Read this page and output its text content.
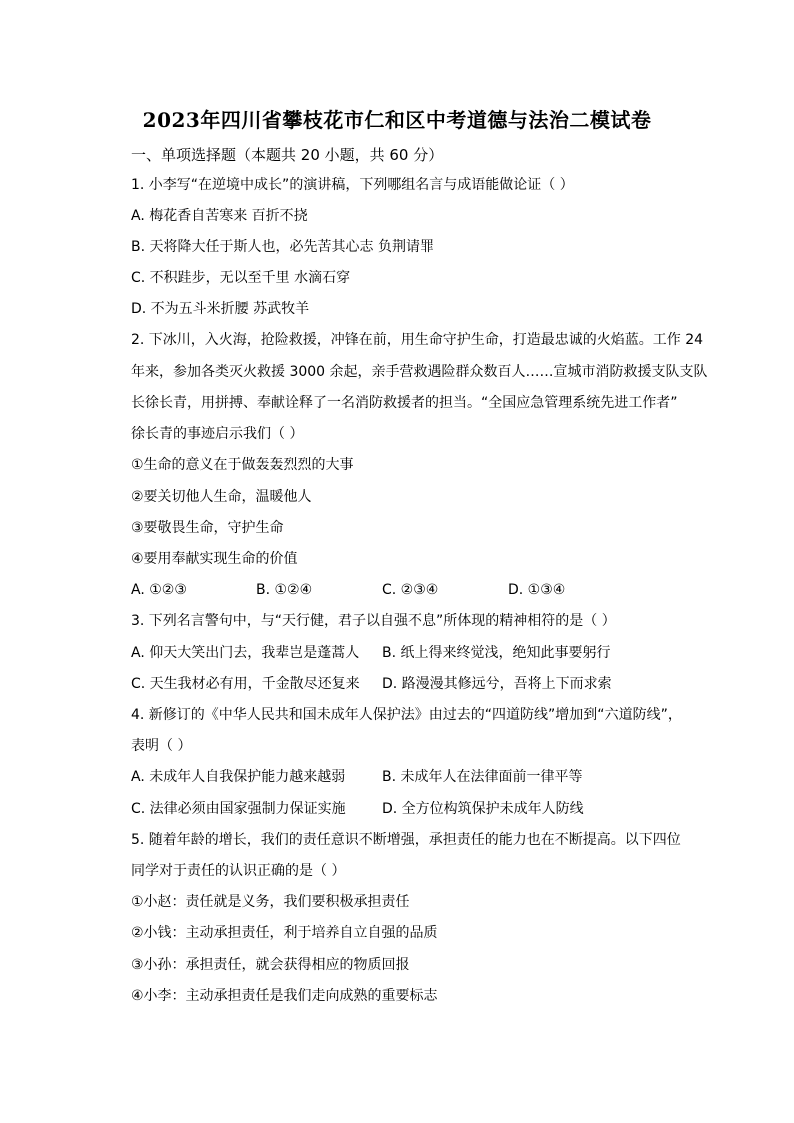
2023年四川省攀枝花市仁和区中考道德与法治二模试卷
一、单项选择题（本题共 20 小题，共 60 分）
1. 小李写“在逆境中成长”的演讲稿，下列哪组名言与成语能做论证（ ）
A. 梅花香自苦寒来 百折不挠
B. 天将降大任于斯人也，必先苦其心志 负荆请罪
C. 不积跬步，无以至千里 水滴石穿
D. 不为五斗米折腰 苏武牧羊
2. 下冰川，入火海，抢险救援，冲锋在前，用生命守护生命，打造最忠诚的火焰蓝。工作 24
年来，参加各类灭火救援 3000 余起，亲手营救遇险群众数百人……宣城市消防救援支队支队
长徐长青，用拼搏、奉献诠释了一名消防救援者的担当。“全国应急管理系统先进工作者”
徐长青的事迹启示我们（ ）
①生命的意义在于做轰轰烈烈的大事
②要关切他人生命，温暖他人
③要敬畏生命，守护生命
④要用奉献实现生命的价值
A. ①②③	B. ①②④	C. ②③④	D. ①③④
3. 下列名言警句中，与“天行健，君子以自强不息”所体现的精神相符的是（ ）
A. 仰天大笑出门去，我辈岂是蓬蒿人 B. 纸上得来终觉浅，绝知此事要躬行
C. 天生我材必有用，千金散尽还复来 D. 路漫漫其修远兮，吾将上下而求索
4. 新修订的《中华人民共和国未成年人保护法》由过去的“四道防线”增加到“六道防线”，
表明（ ）
A. 未成年人自我保护能力越来越弱	B. 未成年人在法律面前一律平等
C. 法律必须由国家强制力保证实施	D. 全方位构筑保护未成年人防线
5. 随着年龄的增长，我们的责任意识不断增强，承担责任的能力也在不断提高。以下四位
同学对于责任的认识正确的是（ ）
①小赵：责任就是义务，我们要积极承担责任
②小钱：主动承担责任，利于培养自立自强的品质
③小孙：承担责任，就会获得相应的物质回报
④小李：主动承担责任是我们走向成熟的重要标志
